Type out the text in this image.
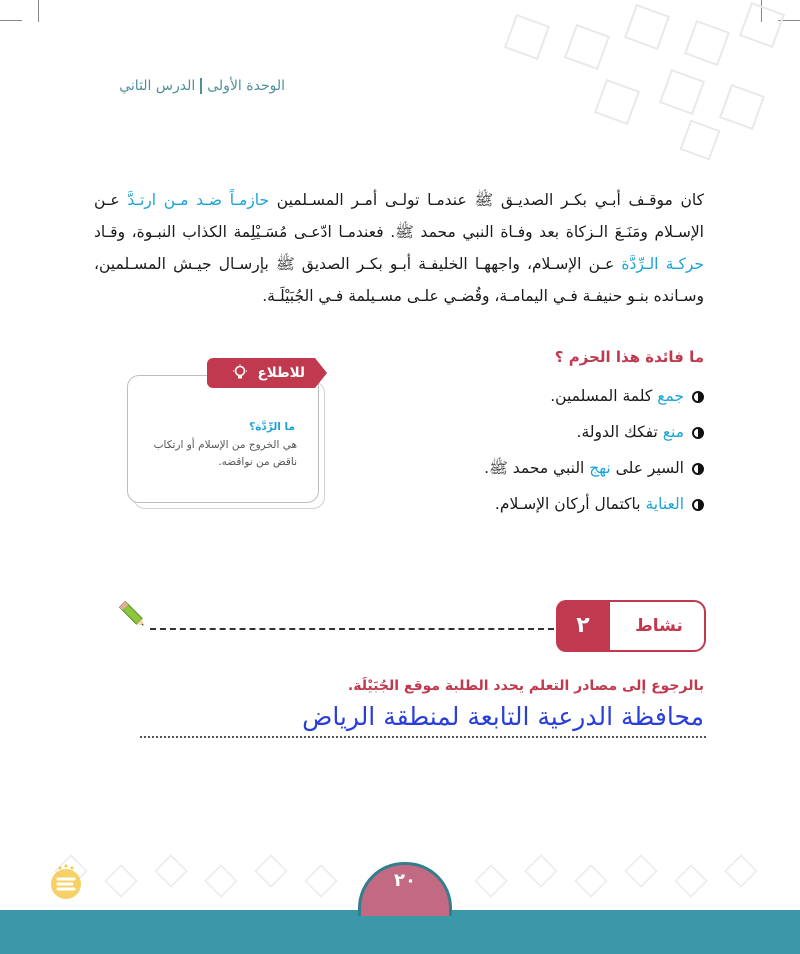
الوحدة الأولىالدرس الثاني
كان موقـف أبـي بكـر الصديـق ﷺ عندمـا تولـى أمـر المسـلمين حازمـاً ضـد مـن ارتـدَّ عـن الإسـلام ومَنَـعَ الـزكاة بعد وفـاة النبي محمد ﷺ. فعندمـا ادّعـى مُسَـيْلِمة الكذاب النبـوة، وقـاد حركـة الـرِّدَّة عـن الإسـلام، واجههـا الخليفـة أبـو بكـر الصديق ﷺ بإرسـال جيـش المسـلمين، وسـانده بنـو حنيفـة فـي اليمامـة، وقُضـي علـى مسـيلمة فـي الجُبَيْلَـة.
ما فائدة هذا الحزم ؟
جمع كلمة المسلمين.
منع تفكك الدولة.
السير على نهج النبي محمد ﷺ.
العناية باكتمال أركان الإسـلام.
للاطلاع
ما الرِّدَّة؟
هي الخروج من الإسلام أو ارتكاب ناقض من نواقضه.
٢	نشاط
بالرجوع إلى مصادر التعلم يحدد الطلبة موقع الجُبَيْلَة.
محافظة الدرعية التابعة لمنطقة الرياض
٢٠
